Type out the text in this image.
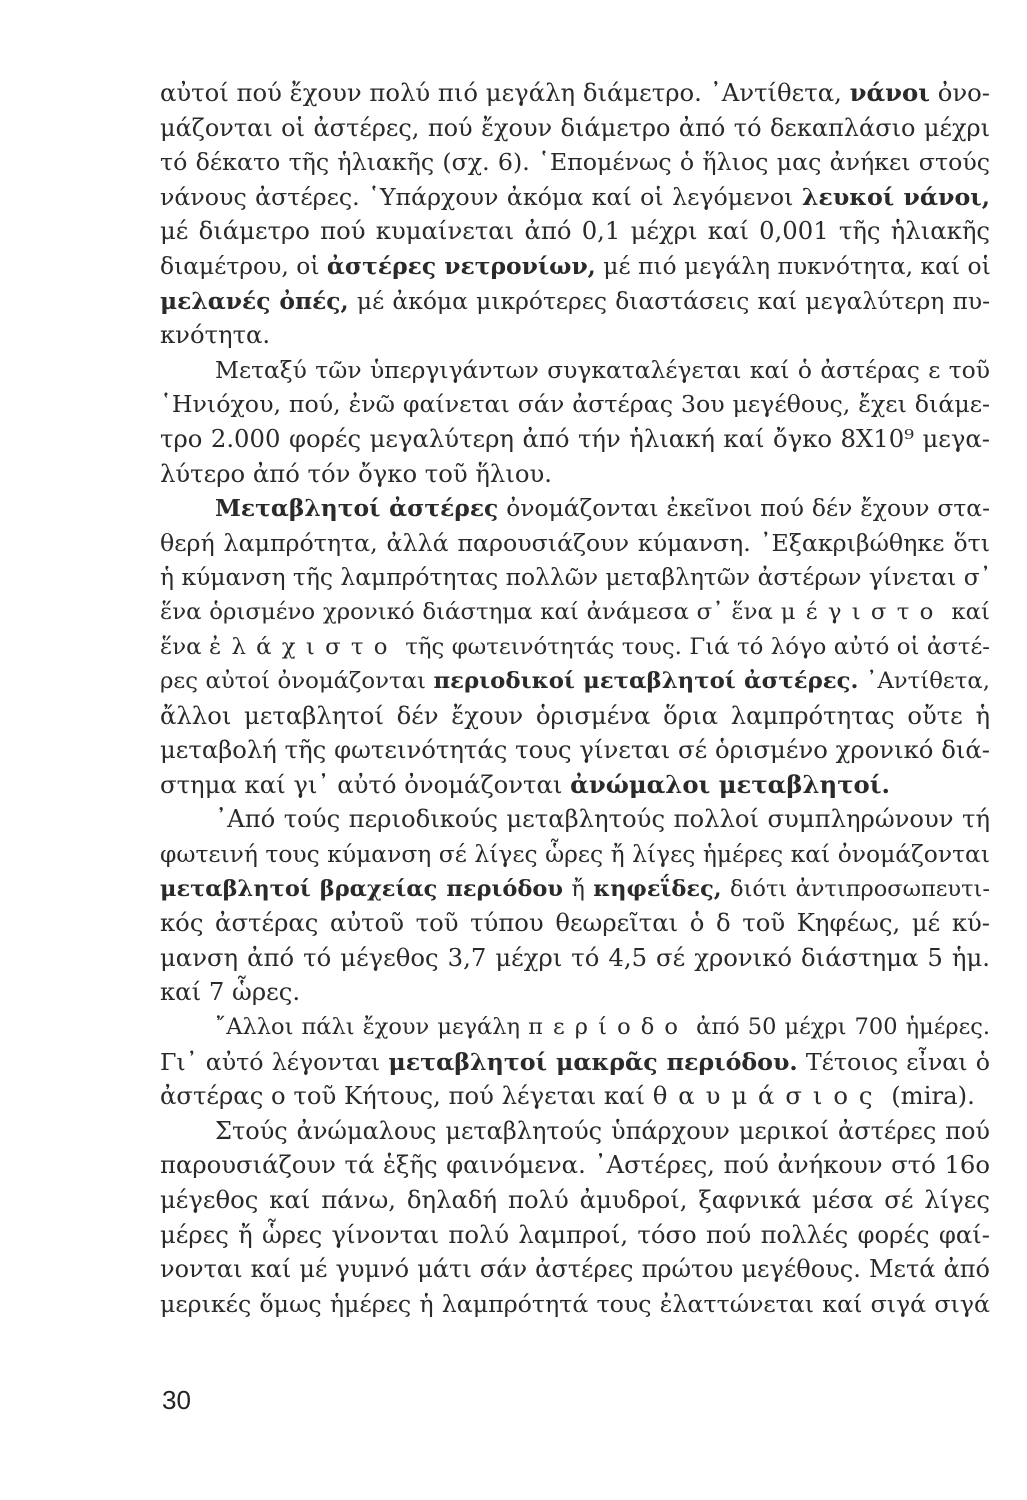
αὐτοί πού ἔχουν πολύ πιό μεγάλη διάμετρο. ᾽Αντίθετα, νάνοι ὀνο-
μάζονται οἱ ἀστέρες, πού ἔχουν διάμετρο ἀπό τό δεκαπλάσιο μέχρι
τό δέκατο τῆς ἡλιακῆς (σχ. 6). ῾Επομένως ὁ ἥλιος μας ἀνήκει στούς
νάνους ἀστέρες. ῾Υπάρχουν ἀκόμα καί οἱ λεγόμενοι λευκοί νάνοι,
μέ διάμετρο πού κυμαίνεται ἀπό 0,1 μέχρι καί 0,001 τῆς ἡλιακῆς
διαμέτρου, οἱ ἀστέρες νετρονίων, μέ πιό μεγάλη πυκνότητα, καί οἱ
μελανές ὀπές, μέ ἀκόμα μικρότερες διαστάσεις καί μεγαλύτερη πυ-
κνότητα.
Μεταξύ τῶν ὑπεργιγάντων συγκαταλέγεται καί ὁ ἀστέρας ε τοῦ
῾Ηνιόχου, πού, ἐνῶ φαίνεται σάν ἀστέρας 3ου μεγέθους, ἔχει διάμε-
τρο 2.000 φορές μεγαλύτερη ἀπό τήν ἡλιακή καί ὄγκο 8Χ10⁹ μεγα-
λύτερο ἀπό τόν ὄγκο τοῦ ἥλιου.
Μεταβλητοί ἀστέρες ὀνομάζονται ἐκεῖνοι πού δέν ἔχουν στα-
θερή λαμπρότητα, ἀλλά παρουσιάζουν κύμανση. ᾽Εξακριβώθηκε ὅτι
ἡ κύμανση τῆς λαμπρότητας πολλῶν μεταβλητῶν ἀστέρων γίνεται σ᾽
ἕνα ὁρισμένο χρονικό διάστημα καί ἀνάμεσα σ᾽ ἕνα μέγιστο καί
ἕνα ἐλάχιστο τῆς φωτεινότητάς τους. Γιά τό λόγο αὐτό οἱ ἀστέ-
ρες αὐτοί ὀνομάζονται περιοδικοί μεταβλητοί ἀστέρες. ᾽Αντίθετα,
ἄλλοι μεταβλητοί δέν ἔχουν ὁρισμένα ὅρια λαμπρότητας οὔτε ἡ
μεταβολή τῆς φωτεινότητάς τους γίνεται σέ ὁρισμένο χρονικό διά-
στημα καί γι᾽ αὐτό ὀνομάζονται ἀνώμαλοι μεταβλητοί.
᾽Από τούς περιοδικούς μεταβλητούς πολλοί συμπληρώνουν τή
φωτεινή τους κύμανση σέ λίγες ὧρες ἤ λίγες ἡμέρες καί ὀνομάζονται
μεταβλητοί βραχείας περιόδου ἤ κηφεΐδες, διότι ἀντιπροσωπευτι-
κός ἀστέρας αὐτοῦ τοῦ τύπου θεωρεῖται ὁ δ τοῦ Κηφέως, μέ κύ-
μανση ἀπό τό μέγεθος 3,7 μέχρι τό 4,5 σέ χρονικό διάστημα 5 ἡμ.
καί 7 ὧρες.
῎Αλλοι πάλι ἔχουν μεγάλη περίοδο ἀπό 50 μέχρι 700 ἡμέρες.
Γι᾽ αὐτό λέγονται μεταβλητοί μακρᾶς περιόδου. Τέτοιος εἶναι ὁ
ἀστέρας ο τοῦ Κήτους, πού λέγεται καί θαυμάσιος (mira).
Στούς ἀνώμαλους μεταβλητούς ὑπάρχουν μερικοί ἀστέρες πού
παρουσιάζουν τά ἑξῆς φαινόμενα. ᾽Αστέρες, πού ἀνήκουν στό 16ο
μέγεθος καί πάνω, δηλαδή πολύ ἀμυδροί, ξαφνικά μέσα σέ λίγες
μέρες ἤ ὧρες γίνονται πολύ λαμπροί, τόσο πού πολλές φορές φαί-
νονται καί μέ γυμνό μάτι σάν ἀστέρες πρώτου μεγέθους. Μετά ἀπό
μερικές ὅμως ἡμέρες ἡ λαμπρότητά τους ἐλαττώνεται καί σιγά σιγά
30
